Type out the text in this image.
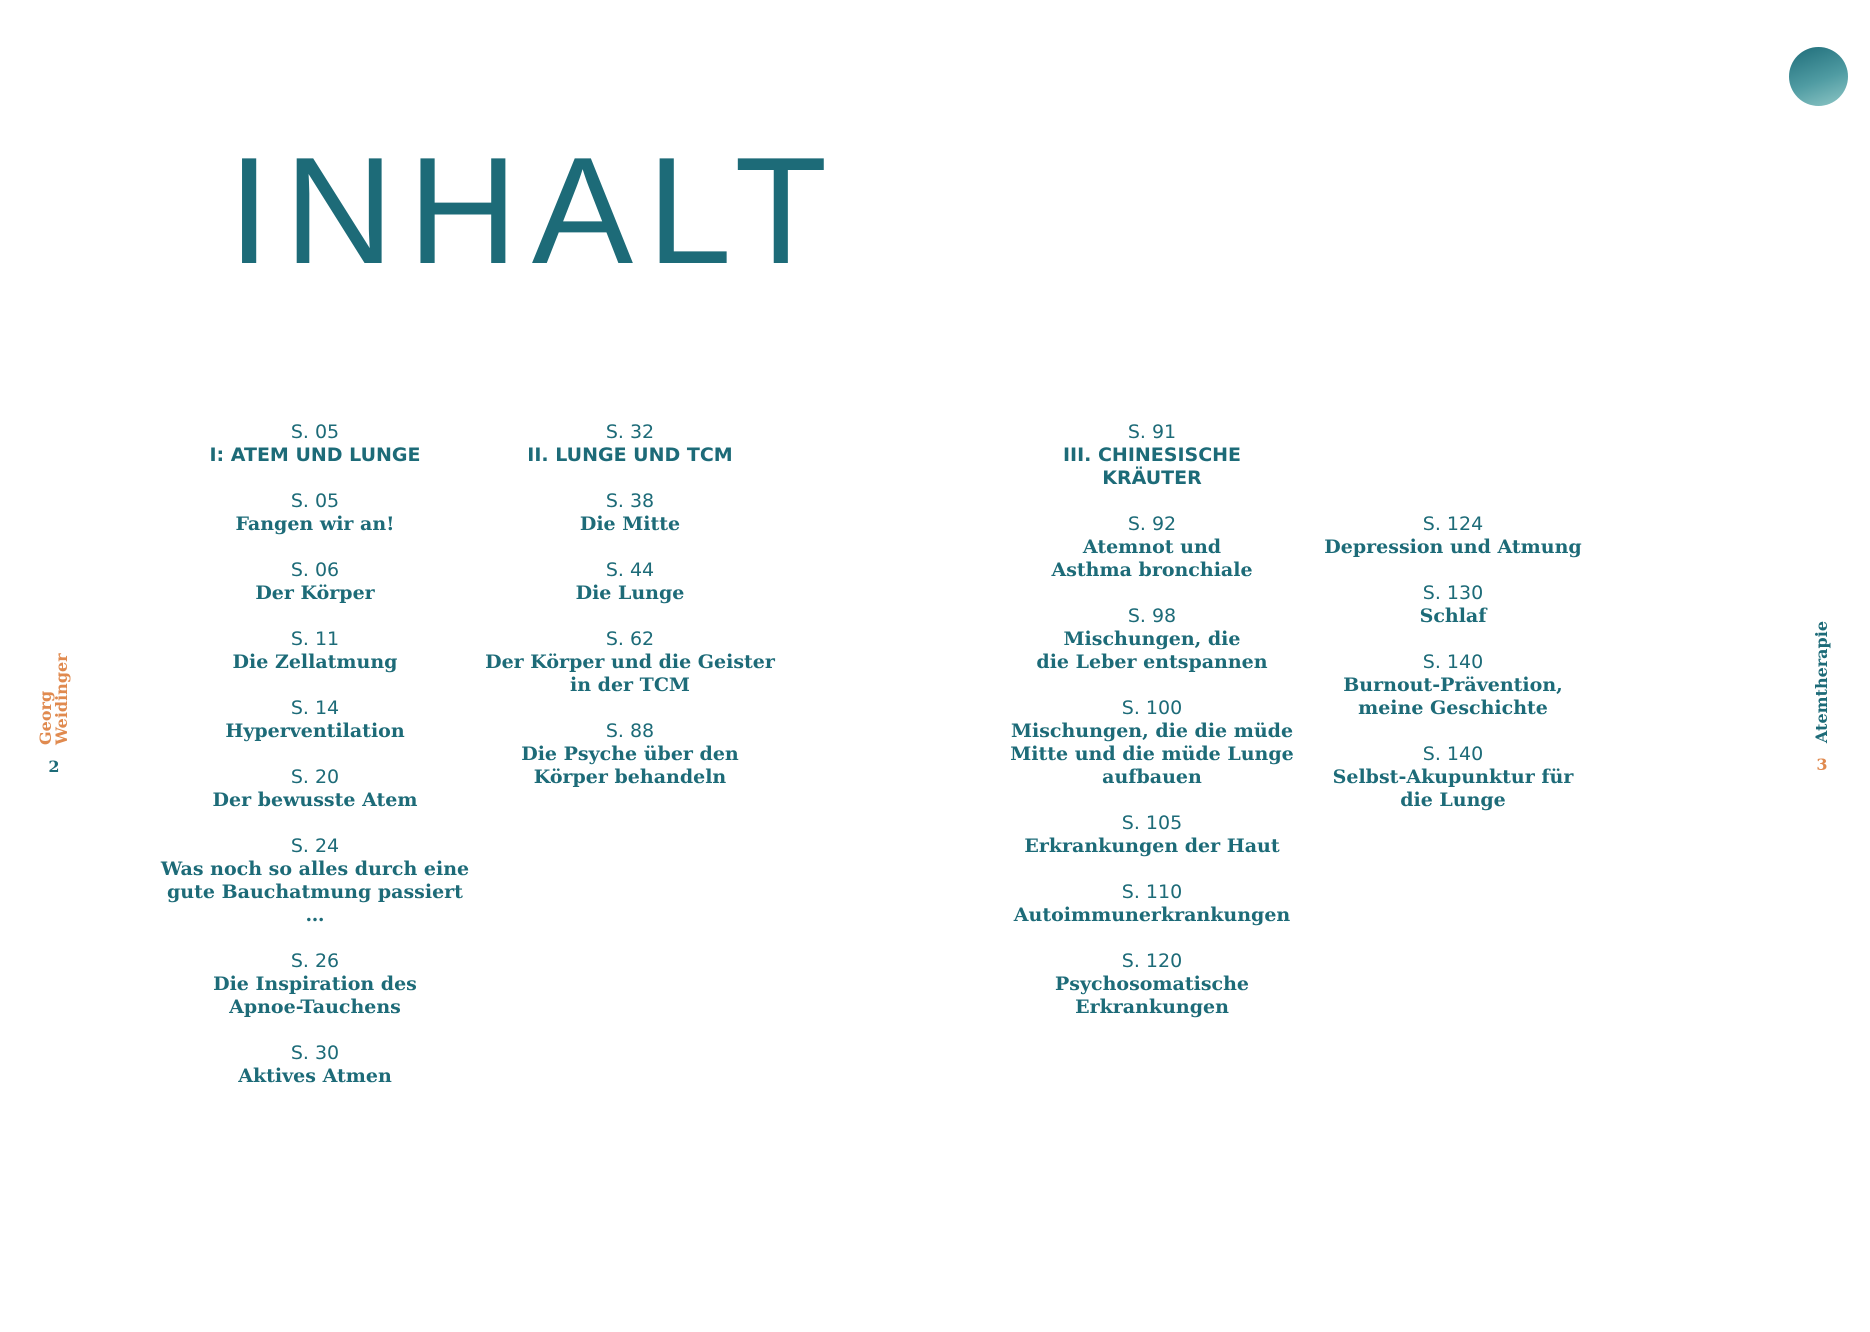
INHALT
S. 05
I: ATEM UND LUNGE
S. 05
Fangen wir an!
S. 06
Der Körper
S. 11
Die Zellatmung
S. 14
Hyperventilation
S. 20
Der bewusste Atem
S. 24
Was noch so alles durch eine
gute Bauchatmung passiert …
S. 26
Die Inspiration des
Apnoe-Tauchens
S. 30
Aktives Atmen
S. 32
II. LUNGE UND TCM
S. 38
Die Mitte
S. 44
Die Lunge
S. 62
Der Körper und die Geister
in der TCM
S. 88
Die Psyche über den
Körper behandeln
S. 91
III. CHINESISCHE
KRÄUTER
S. 92
Atemnot und
Asthma bronchiale
S. 98
Mischungen, die
die Leber entspannen
S. 100
Mischungen, die die müde
Mitte und die müde Lunge
aufbauen
S. 105
Erkrankungen der Haut
S. 110
Autoimmunerkrankungen
S. 120
Psychosomatische
Erkrankungen
S. 124
Depression und Atmung
S. 130
Schlaf
S. 140
Burnout-Prävention,
meine Geschichte
S. 140
Selbst-Akupunktur für
die Lunge
Georg Weidinger
2
Atemtherapie
3
